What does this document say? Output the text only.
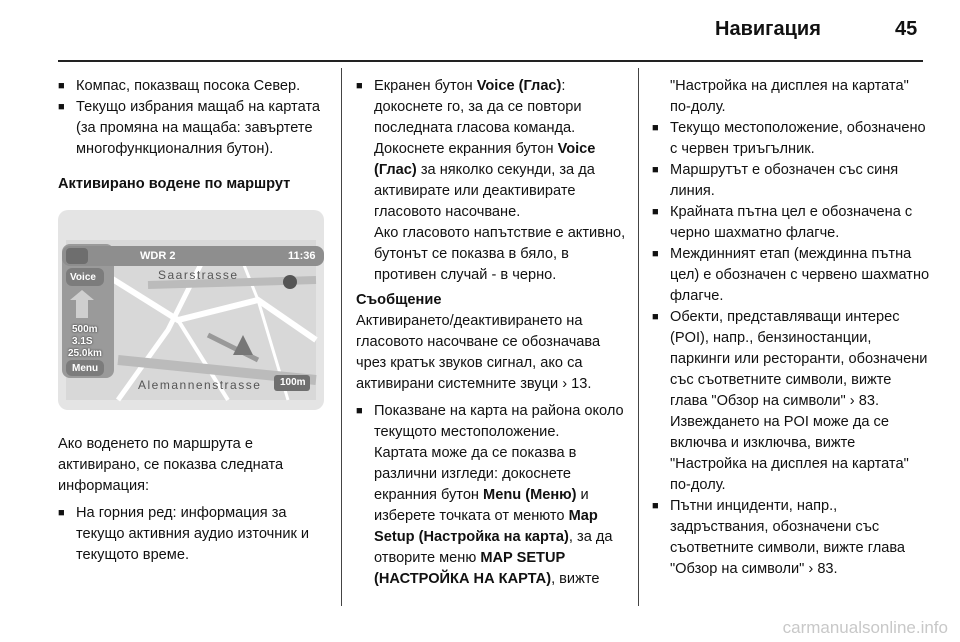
Навигация	45

■ Компас, показващ посока Север.

■ Текущо избрания мащаб на картата (за промяна на мащаба: завъртете многофункционалния бутон).

Активирано водене по маршрут

WDR 2	11:36
Voice	Saarstrasse
500m
3.1S
25.0km
Menu
Alemannenstrasse 100m

Ако воденето по маршрута е активирано, се показва следната информация:

■ На горния ред: информация за текущо активния аудио източник и текущото време.

■ Екранен бутон Voice (Глас): докоснете го, за да се повтори последната гласова команда.

Докоснете екранния бутон Voice (Глас) за няколко секунди, за да активирате или деактивирате гласовото насочване.

Ако гласовото напътствие е активно, бутонът се показва в бяло, в противен случай - в черно.

Съобщение

Активирането/деактивирането на гласовото насочване се обозначава чрез кратък звуков сигнал, ако са активирани системните звуци › 13.

■ Показване на карта на района около текущото местоположение.

Картата може да се показва в различни изгледи: докоснете екранния бутон Menu (Меню) и изберете точката от менюто Map Setup (Настройка на карта), за да отворите меню MAP SETUP (НАСТРОЙКА НА КАРТА), вижте

"Настройка на дисплея на картата" по-долу.

■ Текущо местоположение, обозначено с червен триъгълник.

■ Маршрутът е обозначен със синя линия.

■ Крайната пътна цел е обозначена с черно шахматно флагче.

■ Междинният етап (междинна пътна цел) е обозначен с червено шахматно флагче.

■ Обекти, представляващи интерес (POI), напр., бензиностанции, паркинги или ресторанти, обозначени със съответните символи, вижте глава "Обзор на символи" › 83.

Извеждането на POI може да се включва и изключва, вижте "Настройка на дисплея на картата" по-долу.

■ Пътни инциденти, напр., задръствания, обозначени със съответните символи, вижте глава "Обзор на символи" › 83.

carmanualsonline.info
